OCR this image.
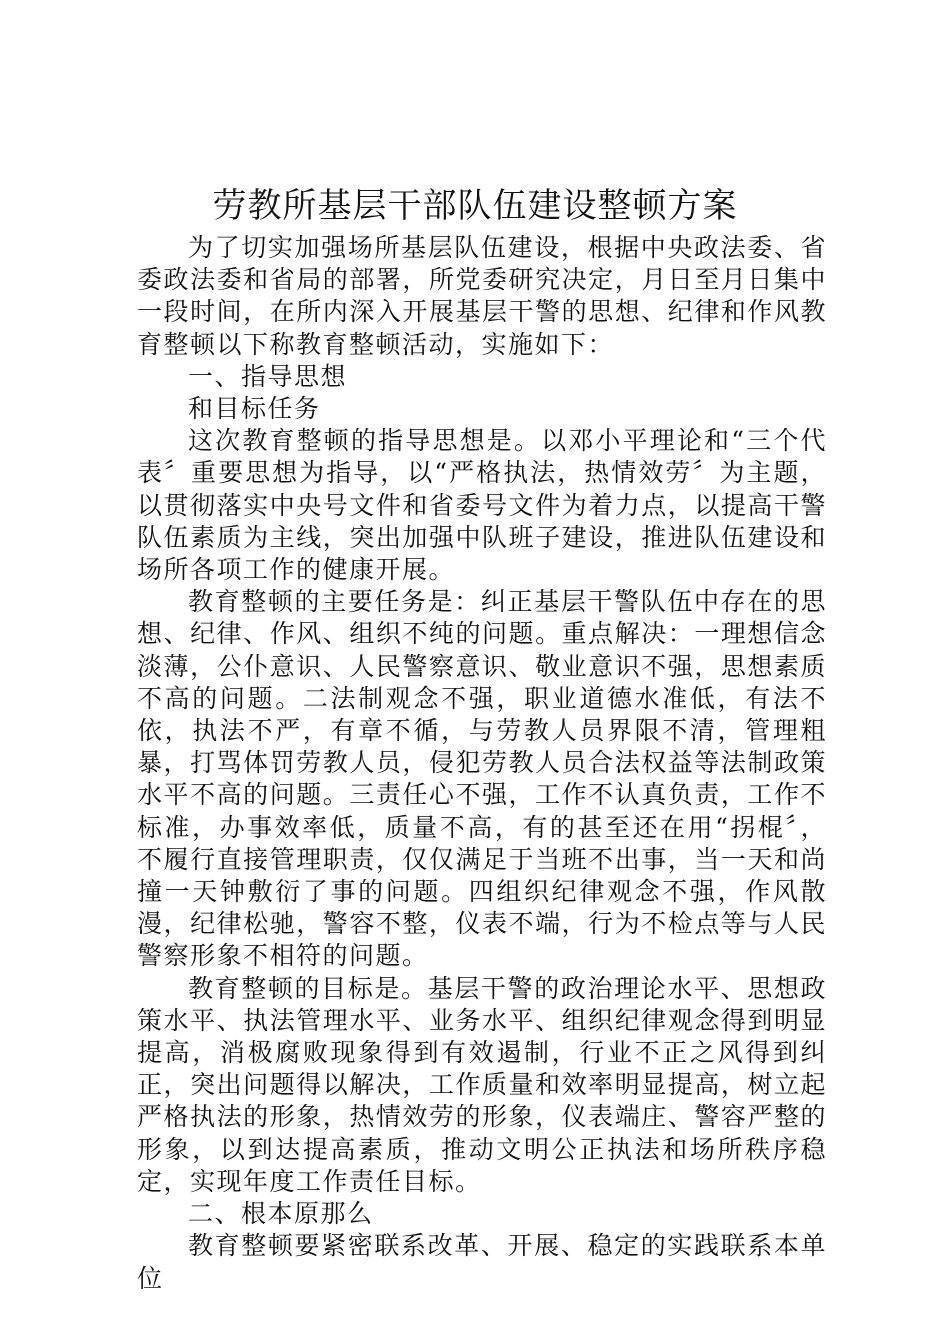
劳教所基层干部队伍建设整顿方案

为了切实加强场所基层队伍建设，根据中央政法委、省委政法委和省局的部署，所党委研究决定，月日至月日集中一段时间，在所内深入开展基层干警的思想、纪律和作风教育整顿以下称教育整顿活动，实施如下：

一、指导思想

和目标任务

这次教育整顿的指导思想是。以邓小平理论和“三个代表〞重要思想为指导，以“严格执法，热情效劳〞为主题，以贯彻落实中央号文件和省委号文件为着力点，以提高干警队伍素质为主线，突出加强中队班子建设，推进队伍建设和场所各项工作的健康开展。

教育整顿的主要任务是：纠正基层干警队伍中存在的思想、纪律、作风、组织不纯的问题。重点解决：一理想信念淡薄，公仆意识、人民警察意识、敬业意识不强，思想素质不高的问题。二法制观念不强，职业道德水准低，有法不依，执法不严，有章不循，与劳教人员界限不清，管理粗暴，打骂体罚劳教人员，侵犯劳教人员合法权益等法制政策水平不高的问题。三责任心不强，工作不认真负责，工作不标准，办事效率低，质量不高，有的甚至还在用“拐棍〞，不履行直接管理职责，仅仅满足于当班不出事，当一天和尚撞一天钟敷衍了事的问题。四组织纪律观念不强，作风散漫，纪律松驰，警容不整，仪表不端，行为不检点等与人民警察形象不相符的问题。

教育整顿的目标是。基层干警的政治理论水平、思想政策水平、执法管理水平、业务水平、组织纪律观念得到明显提高，消极腐败现象得到有效遏制，行业不正之风得到纠正，突出问题得以解决，工作质量和效率明显提高，树立起严格执法的形象，热情效劳的形象，仪表端庄、警容严整的形象，以到达提高素质，推动文明公正执法和场所秩序稳定，实现年度工作责任目标。

二、根本原那么

教育整顿要紧密联系改革、开展、稳定的实践联系本单位
